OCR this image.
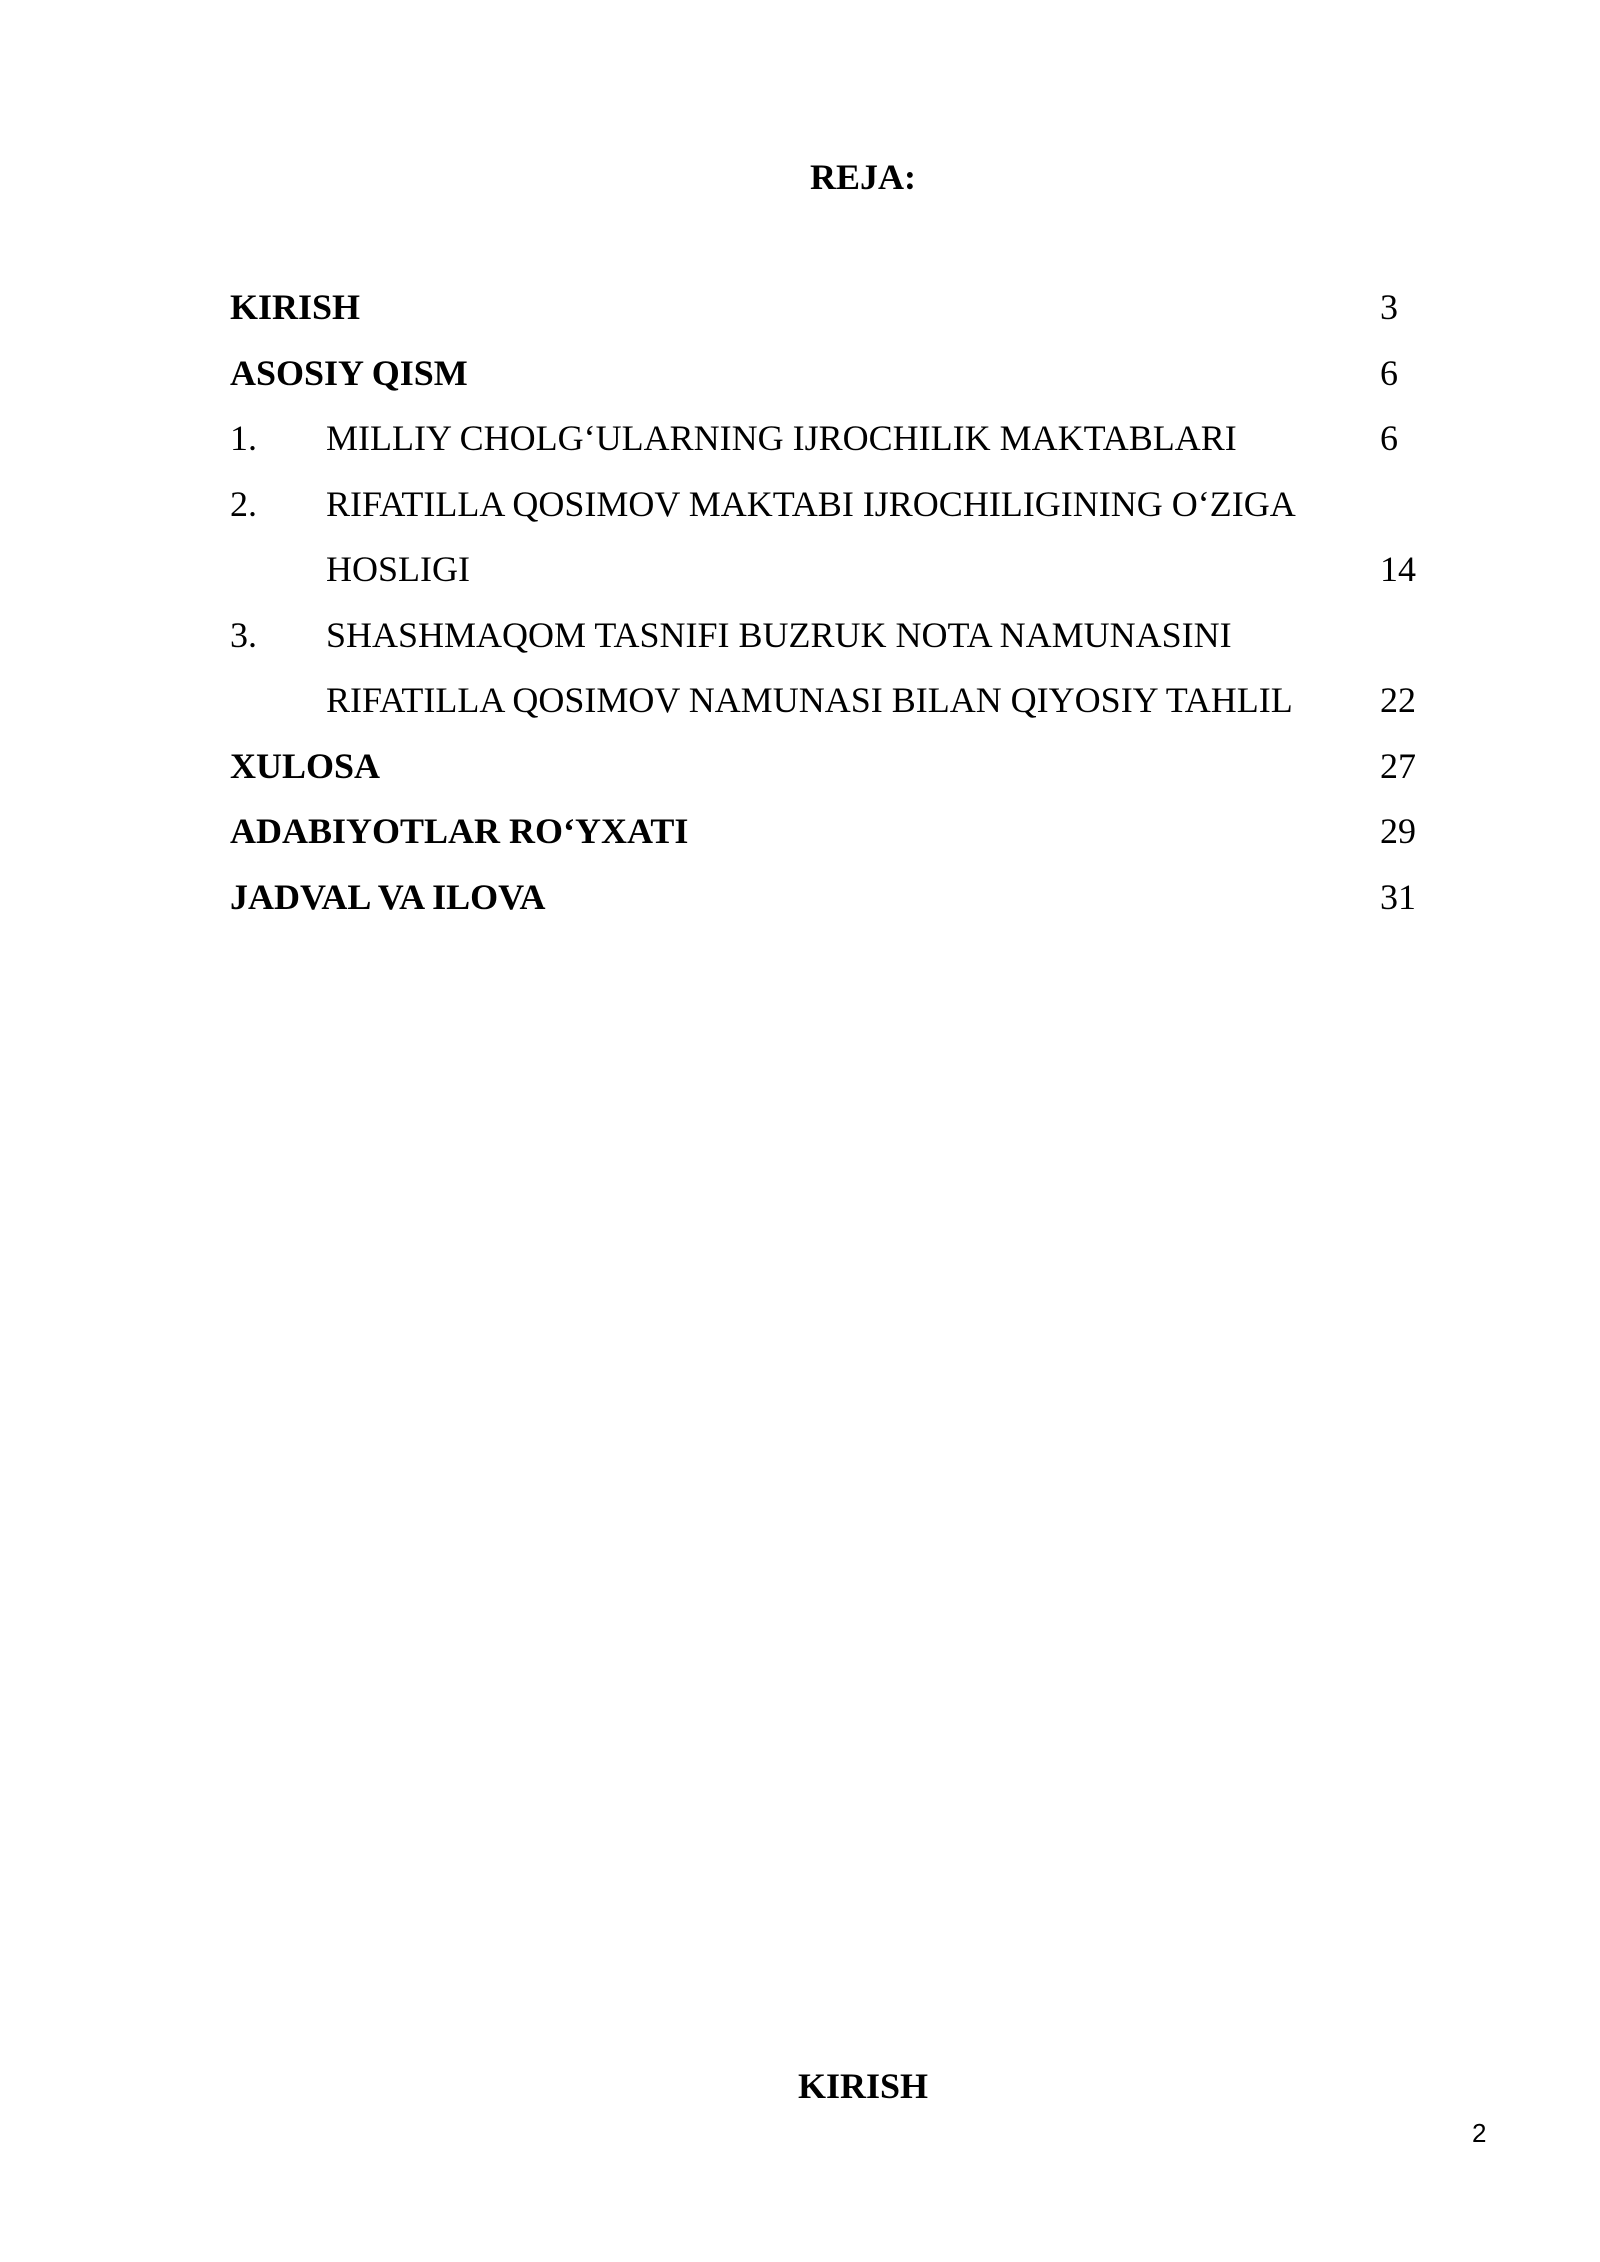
REJA:
KIRISH	3
ASOSIY QISM	6
1. MILLIY CHOLG‘ULARNING IJROCHILIK MAKTABLARI	6
2. RIFATILLA QOSIMOV MAKTABI IJROCHILIGINING O‘ZIGA
HOSLIGI	14
3. SHASHMAQOM TASNIFI BUZRUK NOTA NAMUNASINI
RIFATILLA QOSIMOV NAMUNASI BILAN QIYOSIY TAHLIL 22
XULOSA	27
ADABIYOTLAR RO‘YXATI	29
JADVAL VA ILOVA	31
KIRISH
2
